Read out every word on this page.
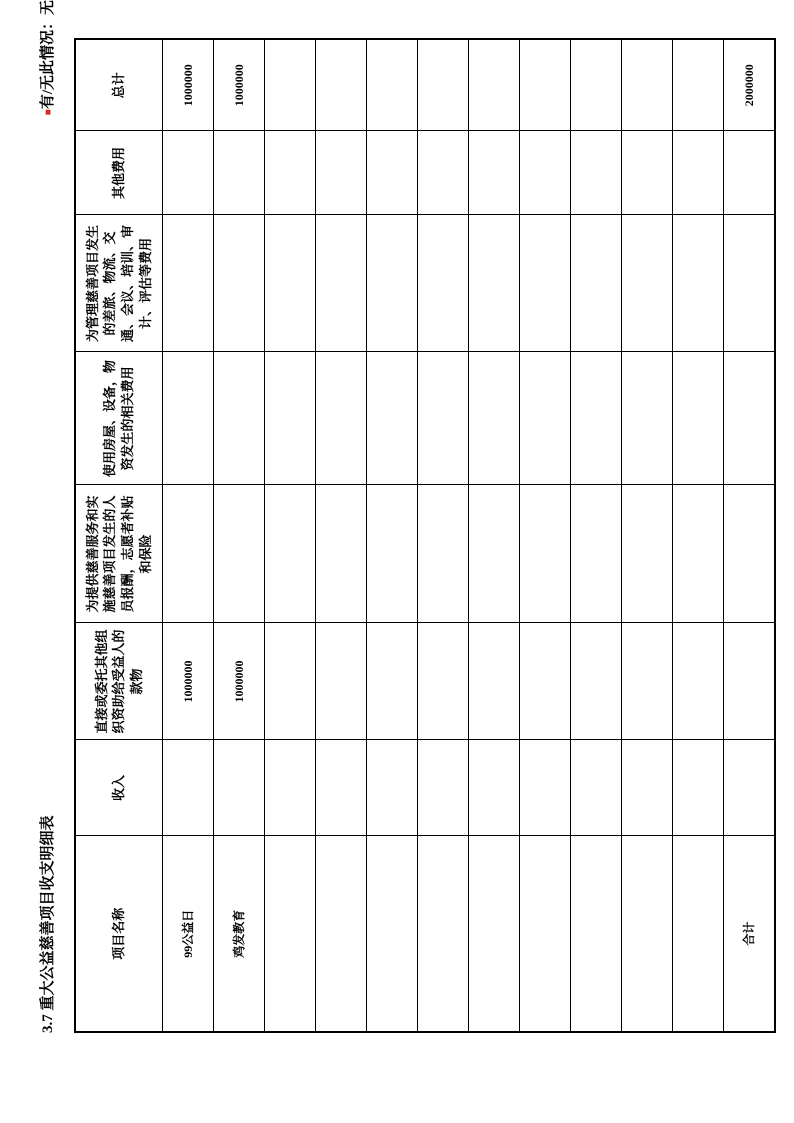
3.7 重大公益慈善项目收支明细表
■有/无此情况：无
项目名称	收入	直接或委托其他组织资助给受益人的款物	为提供慈善服务和实施慈善项目发生的人员报酬，志愿者补贴和保险	使用房屋、设备，物资发生的相关费用	为管理慈善项目发生的差旅、物流、交通、会议、培训、审计、评估等费用	其他费用	总计
99公益日		1000000					1000000
鸡发教育		1000000					1000000

合计							2000000
